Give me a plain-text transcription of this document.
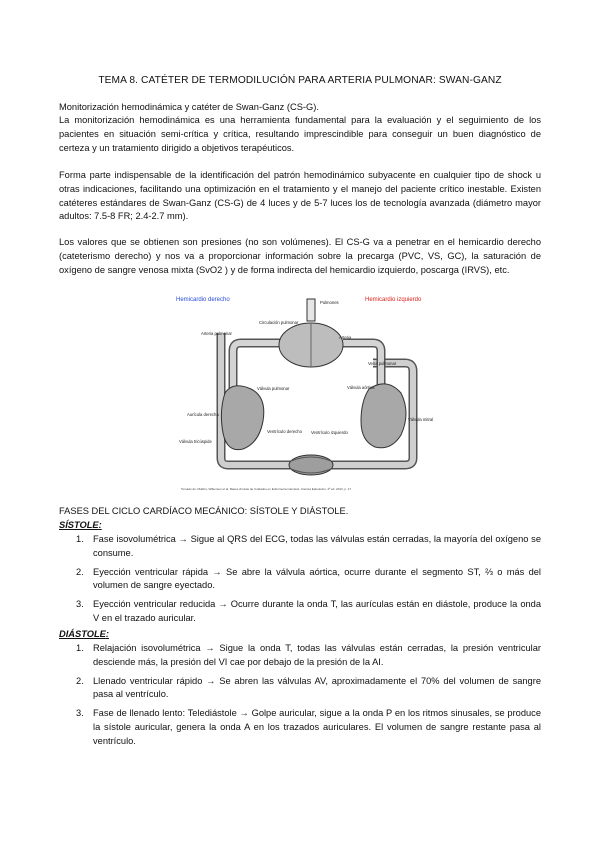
TEMA 8. CATÉTER DE TERMODILUCIÓN PARA ARTERIA PULMONAR: SWAN-GANZ
Monitorización hemodinámica y catéter de Swan-Ganz (CS-G).
La monitorización hemodinámica es una herramienta fundamental para la evaluación y el seguimiento de los pacientes en situación semi-crítica y crítica, resultando imprescindible para conseguir un buen diagnóstico de certeza y un tratamiento dirigido a objetivos terapéuticos.
Forma parte indispensable de la identificación del patrón hemodinámico subyacente en cualquier tipo de shock u otras indicaciones, facilitando una optimización en el tratamiento y el manejo del paciente crítico inestable. Existen catéteres estándares de Swan-Ganz (CS-G) de 4 luces y de 5-7 luces los de tecnología avanzada (diámetro mayor adultos: 7.5-8 FR; 2.4-2.7 mm).
Los valores que se obtienen son presiones (no son volúmenes). El CS-G va a penetrar en el hemicardio derecho (cateterismo derecho) y nos va a proporcionar información sobre la precarga (PVC, VS, GC), la saturación de oxígeno de sangre venosa mixta (SvO2 ) y de forma indirecta del hemicardio izquierdo, poscarga (IRVS), etc.
Pulmones
Circulación pulmonar
Arteria pulmonar
Arteria
Vena pulmonar
Válvula pulmonar	Válvula aórtica
Aurícula derecha
Ventrículo derecho Ventrículo izquierdo
Válvula mitral
Válvula tricúspide
Tomado de: Mullins, Wilkerson et al. Bases clínicas de Cuidados en Enfermería intensiva. Ciencia Educación, 4ª ed. 2013, p. 17
Hemicardio derecho	Hemicardio izquierdo
FASES DEL CICLO CARDÍACO MECÁNICO: SÍSTOLE Y DIÁSTOLE.
SÍSTOLE:
1. Fase isovolumétrica → Sigue al QRS del ECG, todas las válvulas están cerradas, la mayoría del oxígeno se consume.
2. Eyección ventricular rápida → Se abre la válvula aórtica, ocurre durante el segmento ST, ⅔ o más del volumen de sangre eyectado.
3. Eyección ventricular reducida → Ocurre durante la onda T, las aurículas están en diástole, produce la onda V en el trazado auricular.
DIÁSTOLE:
1. Relajación isovolumétrica → Sigue la onda T, todas las válvulas están cerradas, la presión ventricular desciende más, la presión del VI cae por debajo de la presión de la AI.
2. Llenado ventricular rápido → Se abren las válvulas AV, aproximadamente el 70% del volumen de sangre pasa al ventrículo.
3. Fase de llenado lento: Telediástole → Golpe auricular, sigue a la onda P en los ritmos sinusales, se produce la sístole auricular, genera la onda A en los trazados auriculares. El volumen de sangre restante pasa al ventrículo.
